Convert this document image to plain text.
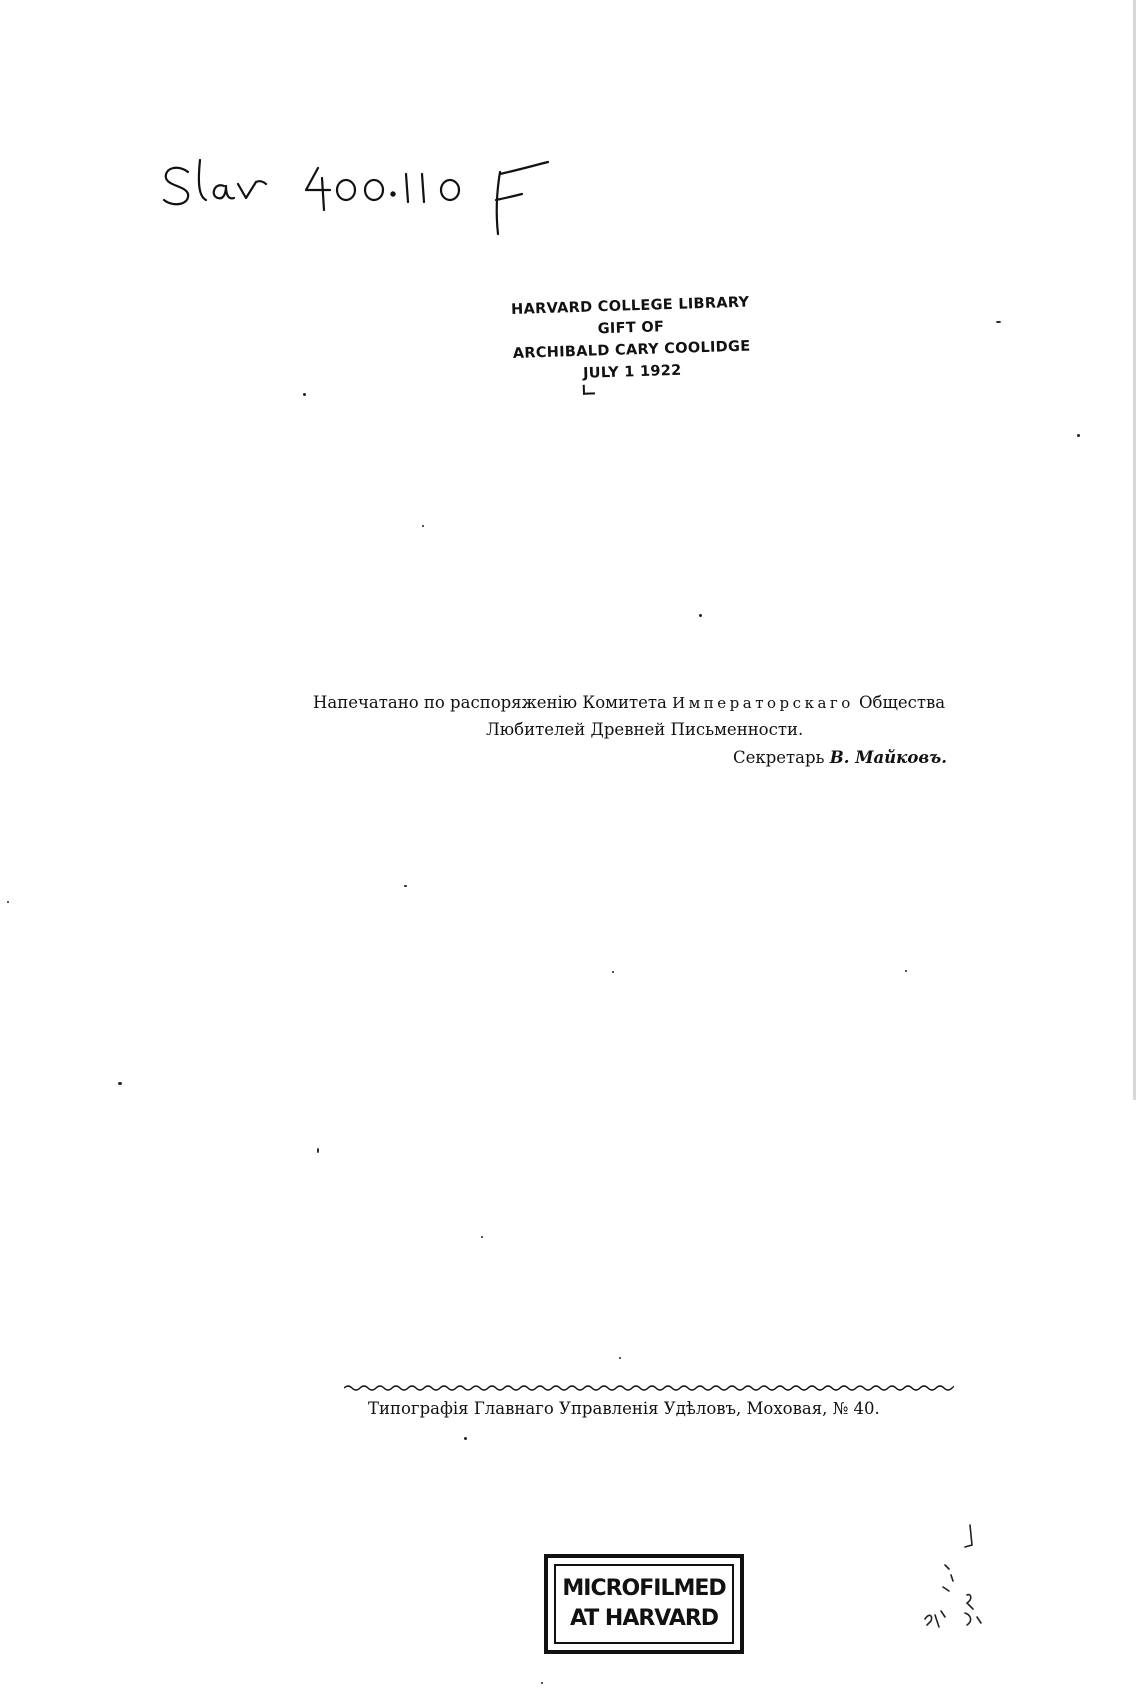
HARVARD COLLEGE LIBRARY
GIFT OF
ARCHIBALD CARY COOLIDGE
JULY 1 1922
Напечатано по распоряженію Комитета Императорскаго Общества
Любителей Древней Письменности.
Секретарь В. Майковъ.
Типографія Главнаго Управленія Удѣловъ, Моховая, № 40.
MICROFILMED
AT HARVARD
